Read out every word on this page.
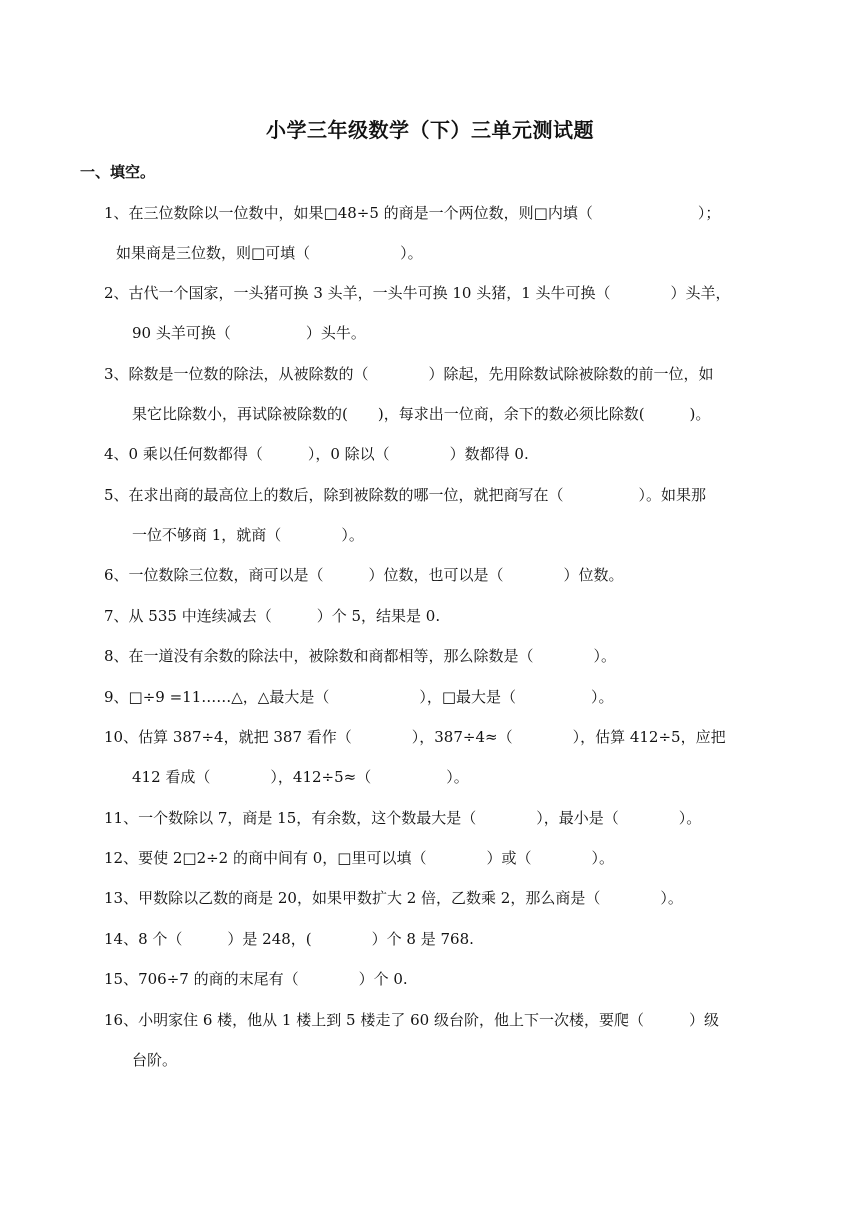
小学三年级数学（下）三单元测试题
一、填空。
1、在三位数除以一位数中，如果□48÷5 的商是一个两位数，则□内填（　　　　　　　）；
如果商是三位数，则□可填（　　　　　　）。
2、古代一个国家，一头猪可换 3 头羊，一头牛可换 10 头猪，1 头牛可换（　　　　）头羊，
90 头羊可换（　　　　　）头牛。
3、除数是一位数的除法，从被除数的（　　　　）除起，先用除数试除被除数的前一位，如
果它比除数小，再试除被除数的(　　)，每求出一位商，余下的数必须比除数(　　　)。
4、0 乘以任何数都得（　　　），0 除以（　　　　）数都得 0.
5、在求出商的最高位上的数后，除到被除数的哪一位，就把商写在（　　　　　）。如果那
一位不够商 1，就商（　　　　）。
6、一位数除三位数，商可以是（　　　）位数，也可以是（　　　　）位数。
7、从 535 中连续减去（　　　）个 5，结果是 0.
8、在一道没有余数的除法中，被除数和商都相等，那么除数是（　　　　）。
9、□÷9 =11……△，△最大是（　　　　　　），□最大是（　　　　　）。
10、估算 387÷4，就把 387 看作（　　　　），387÷4≈（　　　　），估算 412÷5，应把
412 看成（　　　　），412÷5≈（　　　　　）。
11、一个数除以 7，商是 15，有余数，这个数最大是（　　　　），最小是（　　　　）。
12、要使 2□2÷2 的商中间有 0，□里可以填（　　　　）或（　　　　）。
13、甲数除以乙数的商是 20，如果甲数扩大 2 倍，乙数乘 2，那么商是（　　　　）。
14、8 个（　　　）是 248，(　　　　）个 8 是 768.
15、706÷7 的商的末尾有（　　　　）个 0.
16、小明家住 6 楼，他从 1 楼上到 5 楼走了 60 级台阶，他上下一次楼，要爬（　　　）级
台阶。
